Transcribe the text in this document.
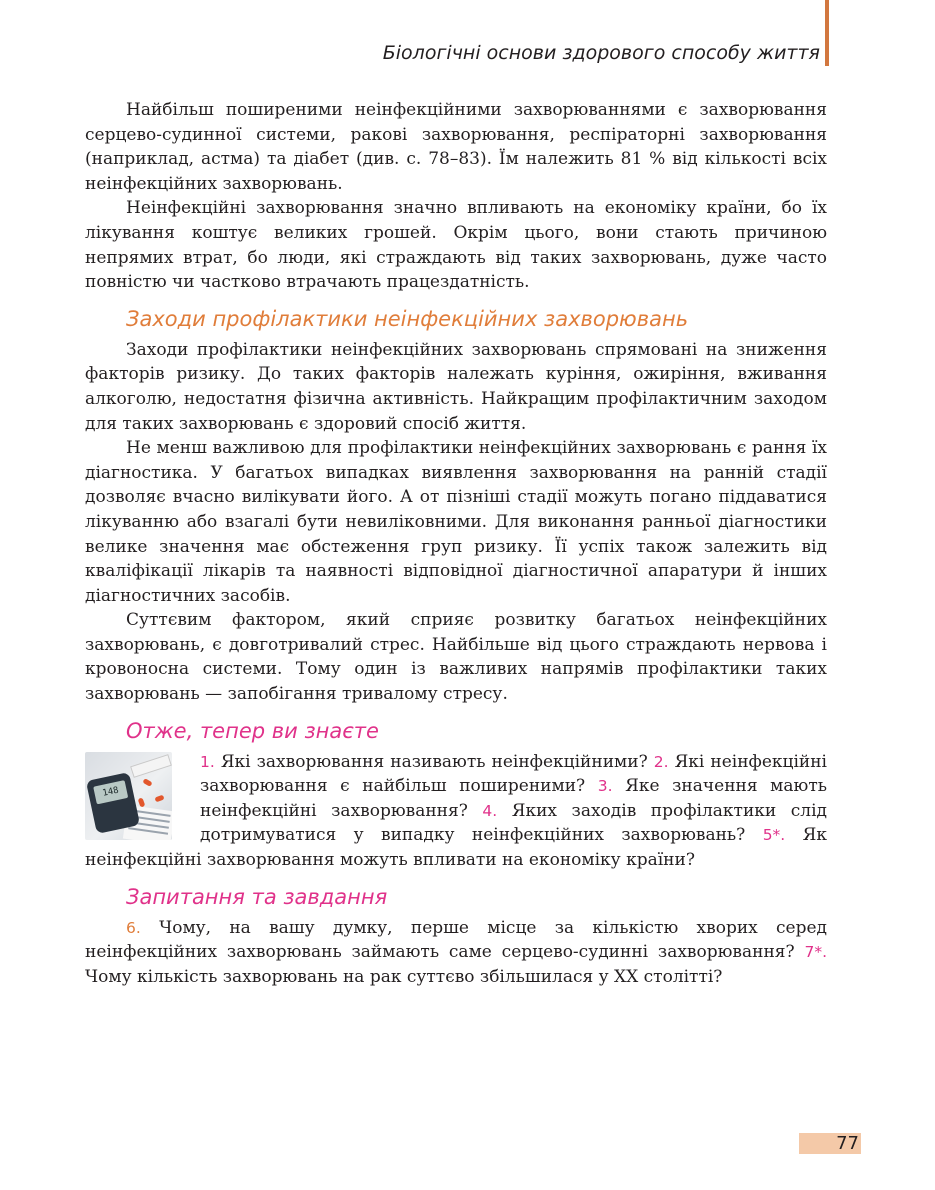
Біологічні основи здорового способу життя

Найбільш поширеними неінфекційними захворюваннями є захворювання серцево-судинної системи, ракові захворювання, респіраторні захворювання (наприклад, астма) та діабет (див. с. 78–83). Їм належить 81 % від кількості всіх неінфекційних захворювань.

Неінфекційні захворювання значно впливають на економіку країни, бо їх лікування коштує великих грошей. Окрім цього, вони стають причиною непрямих втрат, бо люди, які страждають від таких захворювань, дуже часто повністю чи частково втрачають працездатність.

Заходи профілактики неінфекційних захворювань

Заходи профілактики неінфекційних захворювань спрямовані на зниження факторів ризику. До таких факторів належать куріння, ожиріння, вживання алкоголю, недостатня фізична активність. Найкращим профілактичним заходом для таких захворювань є здоровий спосіб життя.

Не менш важливою для профілактики неінфекційних захворювань є рання їх діагностика. У багатьох випадках виявлення захворювання на ранній стадії дозволяє вчасно вилікувати його. А от пізніші стадії можуть погано піддаватися лікуванню або взагалі бути невиліковними. Для виконання ранньої діагностики велике значення має обстеження груп ризику. Її успіх також залежить від кваліфікації лікарів та наявності відповідної діагностичної апаратури й інших діагностичних засобів.

Суттєвим фактором, який сприяє розвитку багатьох неінфекційних захворювань, є довготривалий стрес. Найбільше від цього страждають нервова і кровоносна системи. Тому один із важливих напрямів профілактики таких захворювань — запобігання тривалому стресу.

Отже, тепер ви знаєте
148

1. Які захворювання називають неінфекційними? 2. Які неінфекційні захворювання є найбільш поширеними? 3. Яке значення мають неінфекційні захворювання? 4. Яких заходів профілактики слід дотримуватися у випадку неінфекційних захворювань? 5*. Як неінфекційні захворювання можуть впливати на економіку країни?

Запитання та завдання

6. Чому, на вашу думку, перше місце за кількістю хворих серед неінфекційних захворювань займають саме серцево-судинні захворювання? 7*. Чому кількість захворювань на рак суттєво збільшилася у XX столітті?

77
